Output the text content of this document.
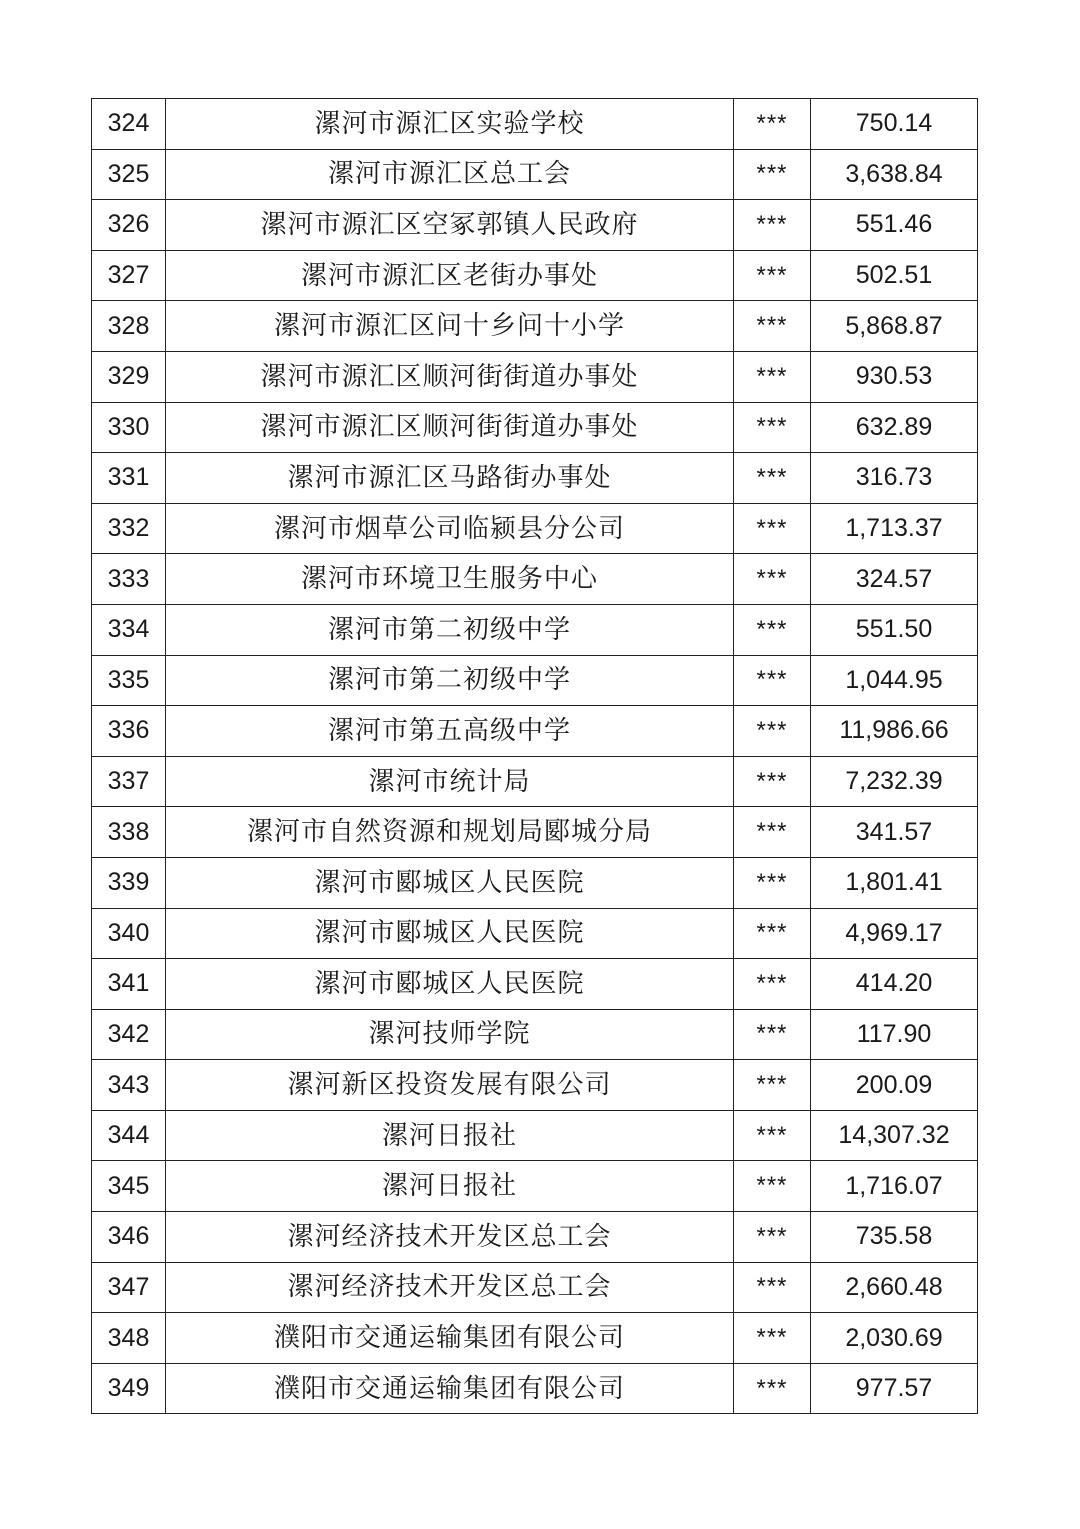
324	漯河市源汇区实验学校	***	750.14
325	漯河市源汇区总工会	***	3,638.84
326	漯河市源汇区空冢郭镇人民政府	***	551.46
327	漯河市源汇区老街办事处	***	502.51
328	漯河市源汇区问十乡问十小学	***	5,868.87
329	漯河市源汇区顺河街街道办事处	***	930.53
330	漯河市源汇区顺河街街道办事处	***	632.89
331	漯河市源汇区马路街办事处	***	316.73
332	漯河市烟草公司临颍县分公司	***	1,713.37
333	漯河市环境卫生服务中心	***	324.57
334	漯河市第二初级中学	***	551.50
335	漯河市第二初级中学	***	1,044.95
336	漯河市第五高级中学	***	11,986.66
337	漯河市统计局	***	7,232.39
338	漯河市自然资源和规划局郾城分局	***	341.57
339	漯河市郾城区人民医院	***	1,801.41
340	漯河市郾城区人民医院	***	4,969.17
341	漯河市郾城区人民医院	***	414.20
342	漯河技师学院	***	117.90
343	漯河新区投资发展有限公司	***	200.09
344	漯河日报社	***	14,307.32
345	漯河日报社	***	1,716.07
346	漯河经济技术开发区总工会	***	735.58
347	漯河经济技术开发区总工会	***	2,660.48
348	濮阳市交通运输集团有限公司	***	2,030.69
349	濮阳市交通运输集团有限公司	***	977.57
